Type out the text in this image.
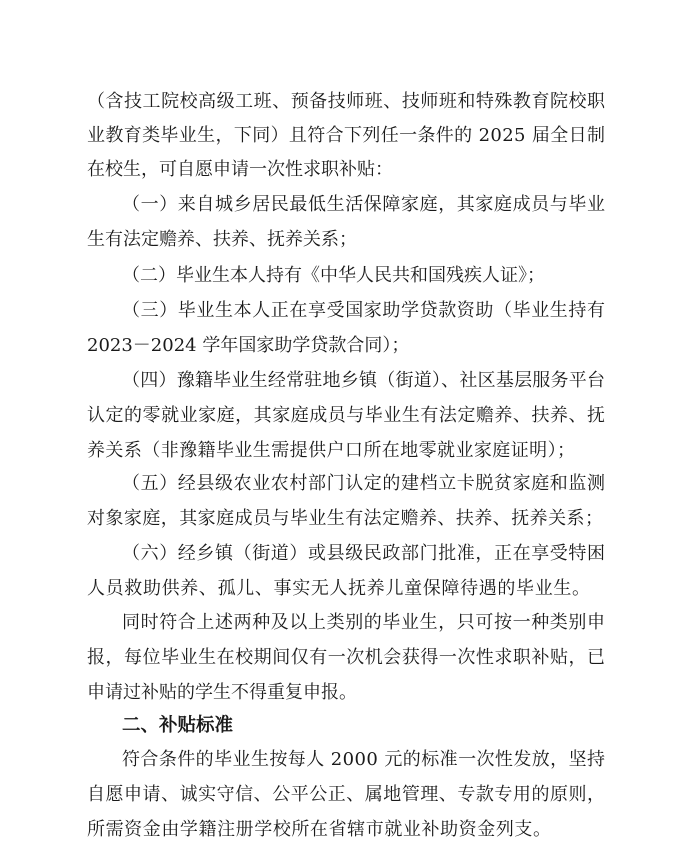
（含技工院校高级工班、预备技师班、技师班和特殊教育院校职
业教育类毕业生，下同）且符合下列任一条件的 2025 届全日制
在校生，可自愿申请一次性求职补贴：
（一）来自城乡居民最低生活保障家庭，其家庭成员与毕业
生有法定赡养、扶养、抚养关系；
（二）毕业生本人持有《中华人民共和国残疾人证》；
（三）毕业生本人正在享受国家助学贷款资助（毕业生持有
2023－2024 学年国家助学贷款合同）；
（四）豫籍毕业生经常驻地乡镇（街道）、社区基层服务平台
认定的零就业家庭，其家庭成员与毕业生有法定赡养、扶养、抚
养关系（非豫籍毕业生需提供户口所在地零就业家庭证明）；
（五）经县级农业农村部门认定的建档立卡脱贫家庭和监测
对象家庭，其家庭成员与毕业生有法定赡养、扶养、抚养关系；
（六）经乡镇（街道）或县级民政部门批准，正在享受特困
人员救助供养、孤儿、事实无人抚养儿童保障待遇的毕业生。
同时符合上述两种及以上类别的毕业生，只可按一种类别申
报，每位毕业生在校期间仅有一次机会获得一次性求职补贴，已
申请过补贴的学生不得重复申报。
二、补贴标准
符合条件的毕业生按每人 2000 元的标准一次性发放，坚持
自愿申请、诚实守信、公平公正、属地管理、专款专用的原则，
所需资金由学籍注册学校所在省辖市就业补助资金列支。
